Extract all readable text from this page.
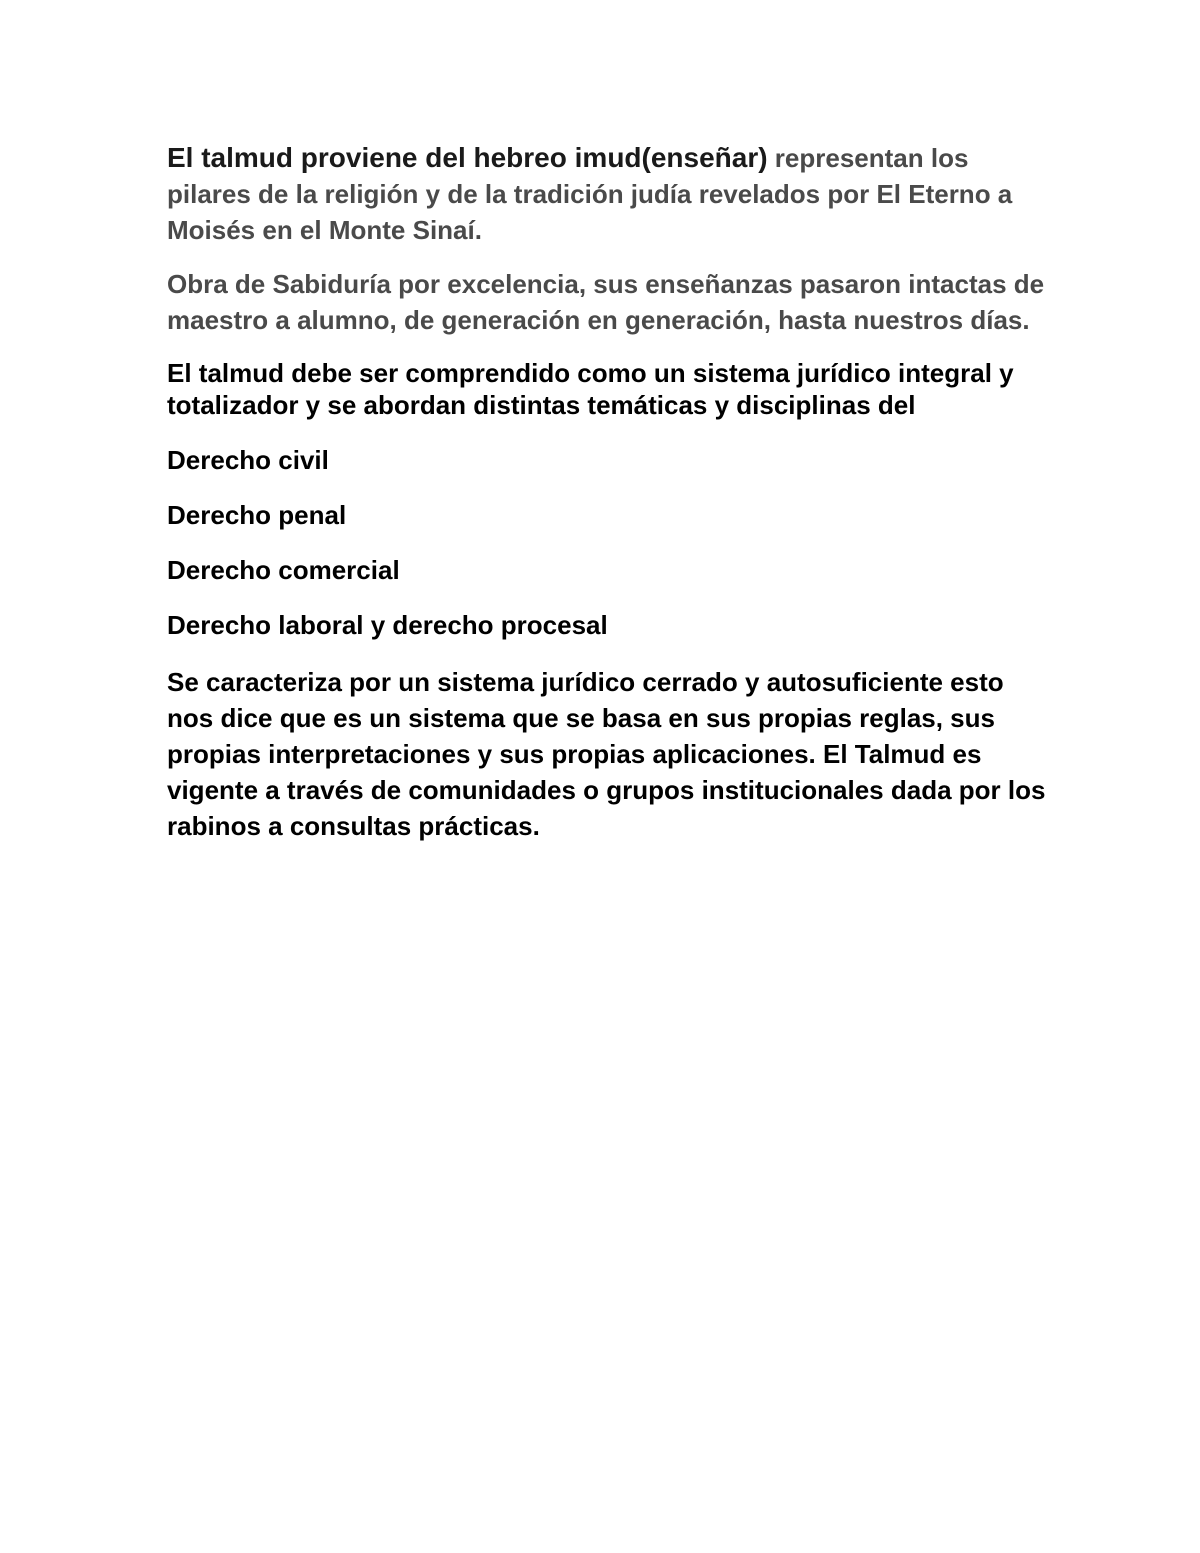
El talmud proviene del hebreo imud(enseñar) representan los pilares de la religión y de la tradición judía revelados por El Eterno a Moisés en el Monte Sinaí.

Obra de Sabiduría por excelencia, sus enseñanzas pasaron intactas de maestro a alumno, de generación en generación, hasta nuestros días.

El talmud debe ser comprendido como un sistema jurídico integral y totalizador y se abordan distintas temáticas y disciplinas del

Derecho civil

Derecho penal

Derecho comercial

Derecho laboral y derecho procesal

Se caracteriza por un sistema jurídico cerrado y autosuficiente esto nos dice que es un sistema que se basa en sus propias reglas, sus propias interpretaciones y sus propias aplicaciones. El Talmud es vigente a través de comunidades o grupos institucionales dada por los rabinos a consultas prácticas.
